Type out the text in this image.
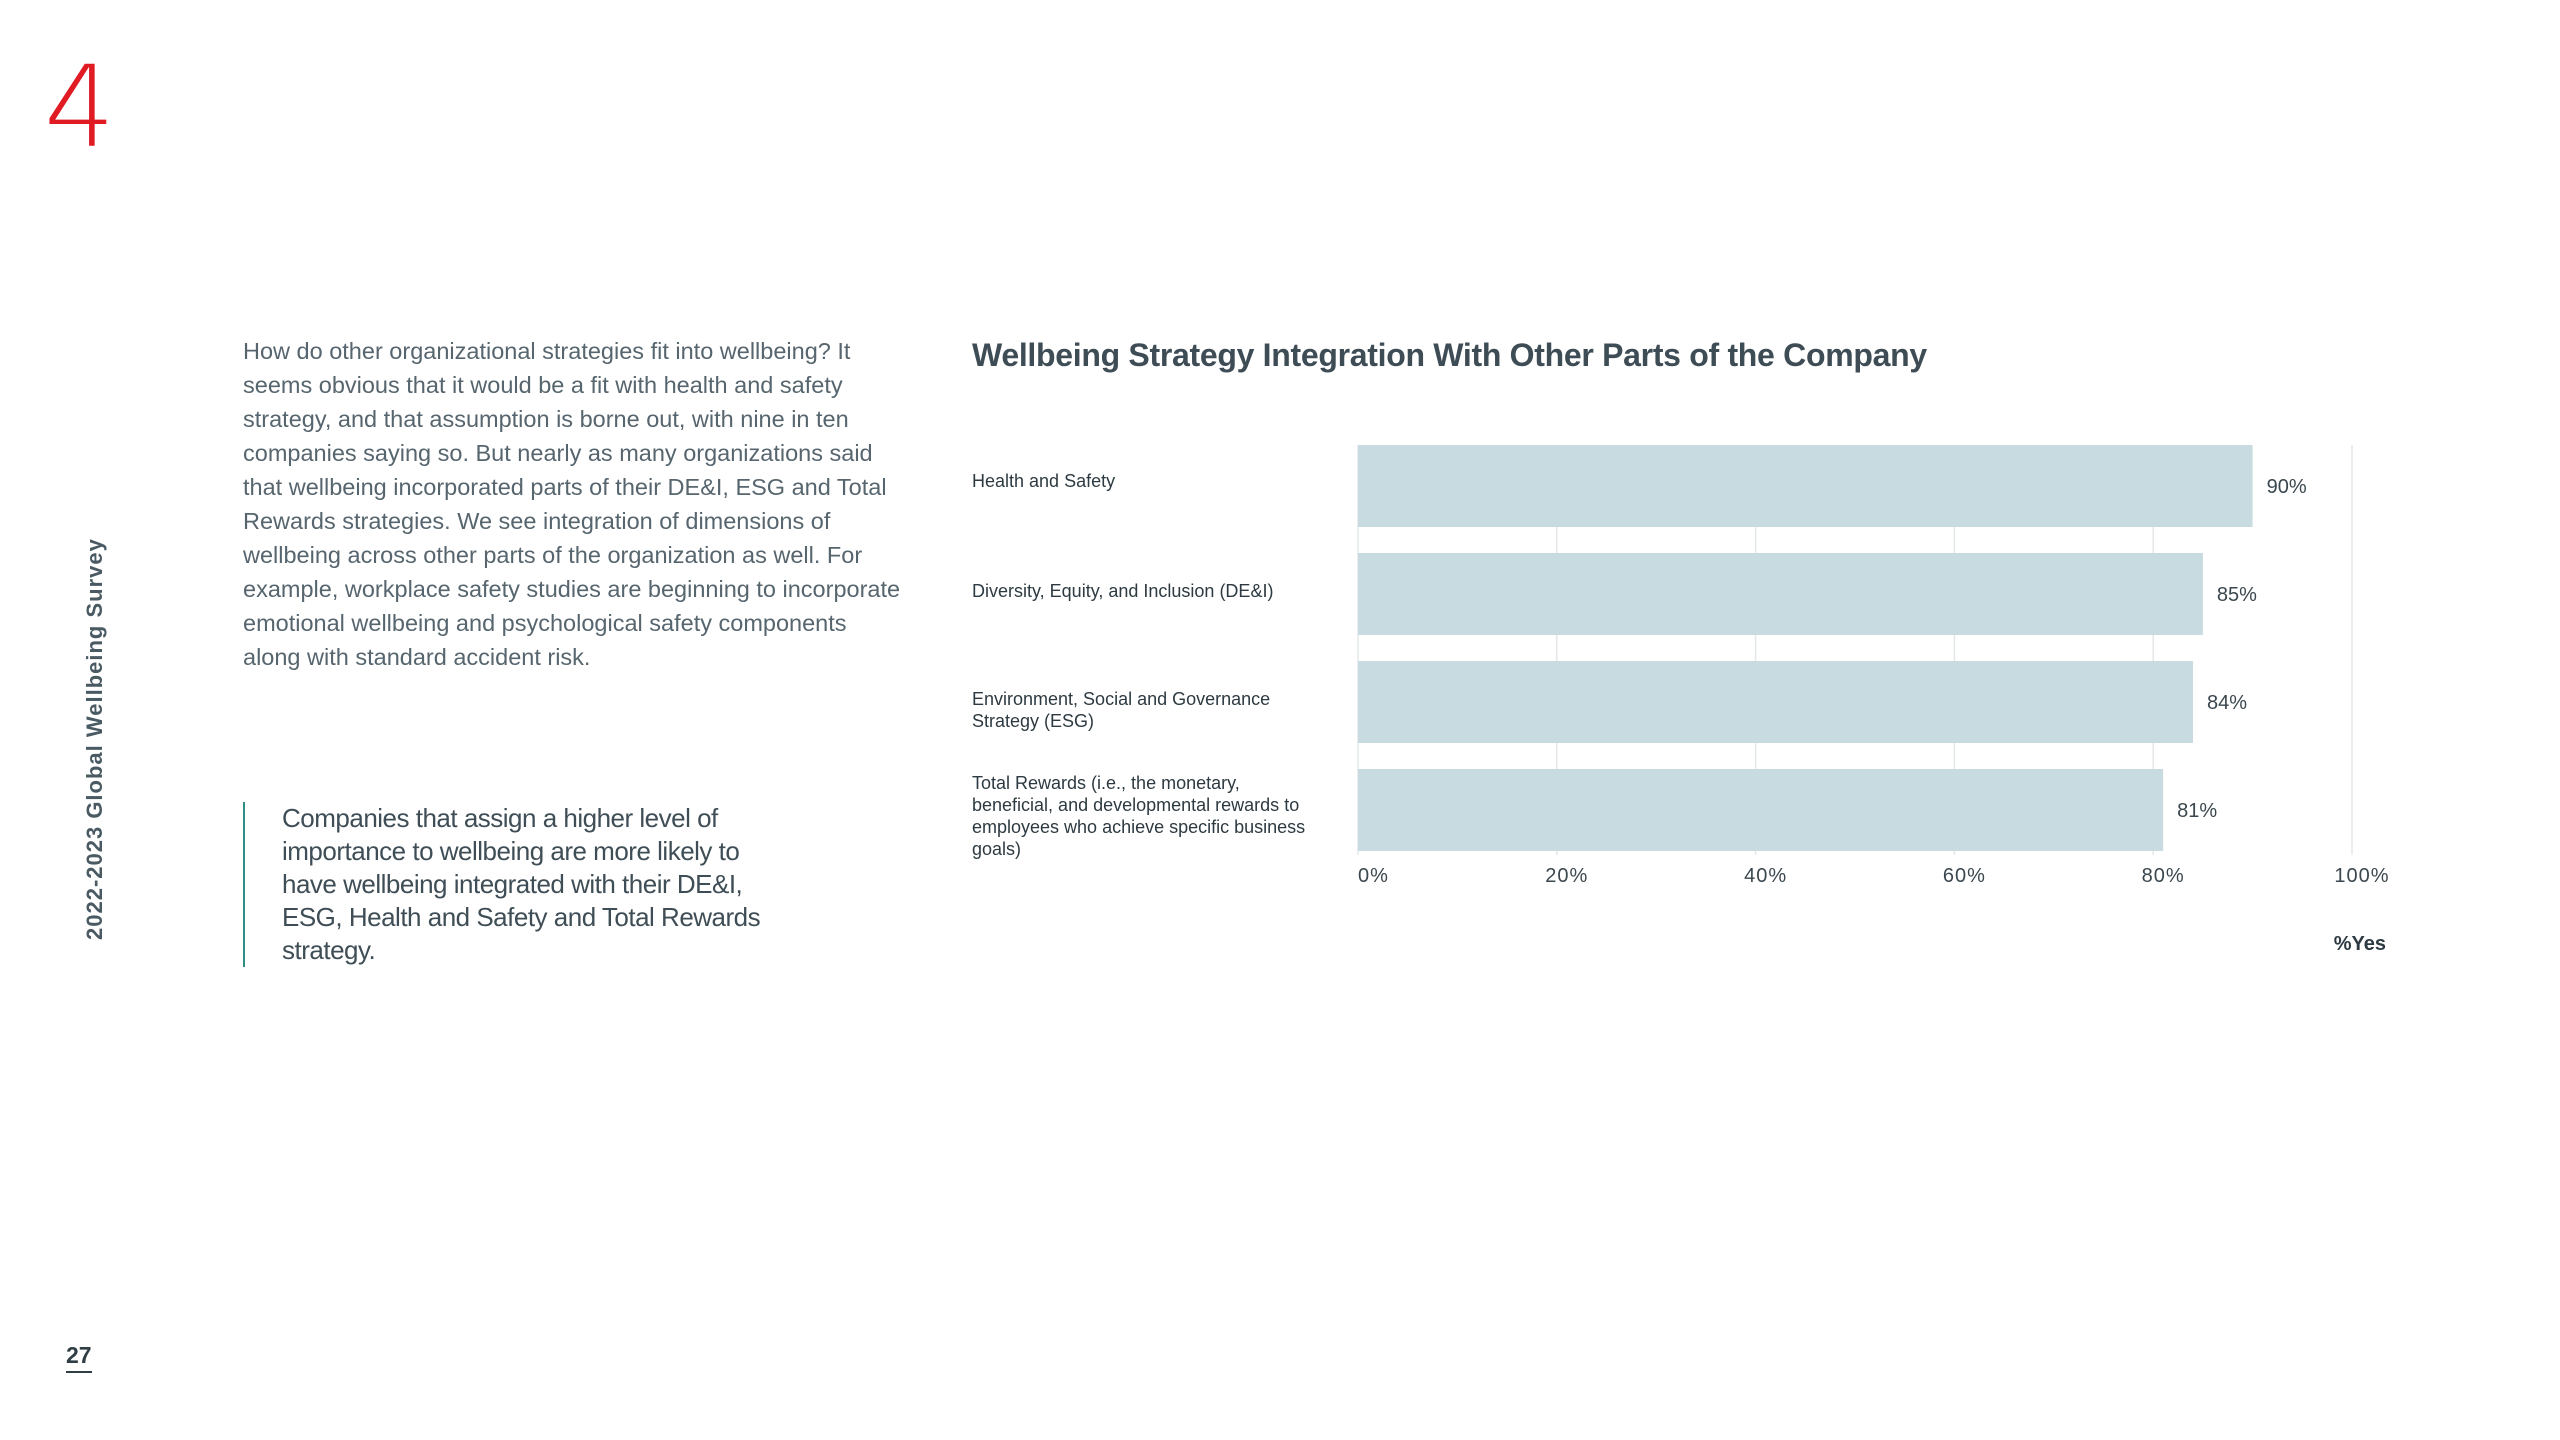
4
2022-2023 Global Wellbeing Survey
27

How do other organizational strategies fit into wellbeing? It seems obvious that it would be a fit with health and safety strategy, and that assumption is borne out, with nine in ten companies saying so. But nearly as many organizations said that wellbeing incorporated parts of their DE&I, ESG and Total Rewards strategies. We see integration of dimensions of wellbeing across other parts of the organization as well. For example, workplace safety studies are beginning to incorporate emotional wellbeing and psychological safety components along with standard accident risk.

Companies that assign a higher level of importance to wellbeing are more likely to have wellbeing integrated with their DE&I, ESG, Health and Safety and Total Rewards strategy.
Wellbeing Strategy Integration With Other Parts of the Company
Health and Safety
Diversity, Equity, and Inclusion (DE&I)
Environment, Social and Governance Strategy (ESG)
Total Rewards (i.e., the monetary, beneficial, and developmental rewards to employees who achieve specific business goals)
90%
85%
84%
81%
0%	20%	40%	60%	80%	100%
%Yes
